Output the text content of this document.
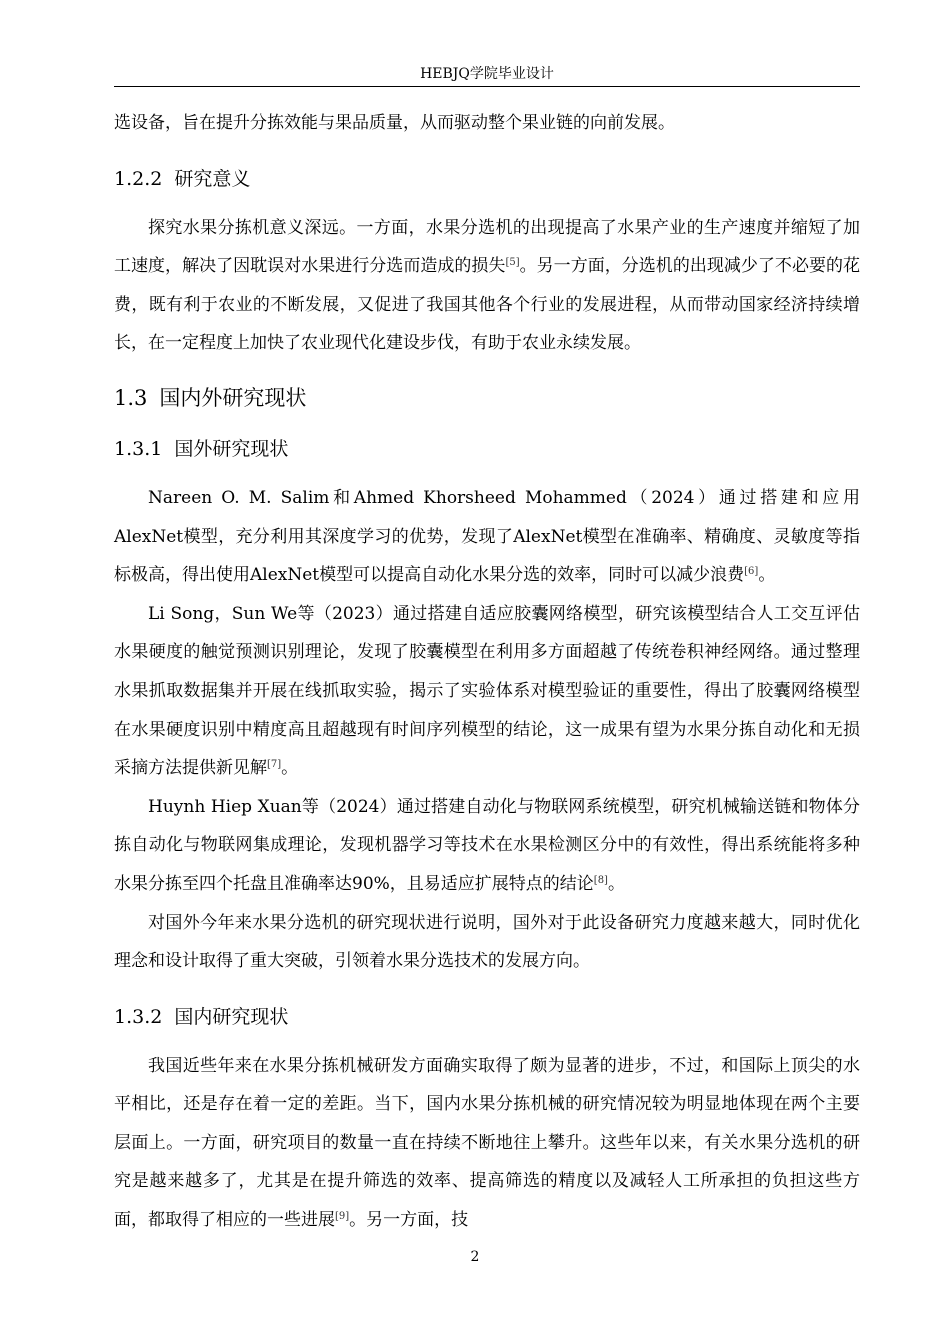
HEBJQ学院毕业设计

选设备，旨在提升分拣效能与果品质量，从而驱动整个果业链的向前发展。

1.2.2 研究意义

探究水果分拣机意义深远。一方面，水果分选机的出现提高了水果产业的生产速度并缩短了加工速度，解决了因耽误对水果进行分选而造成的损失[5]。另一方面，分选机的出现减少了不必要的花费，既有利于农业的不断发展，又促进了我国其他各个行业的发展进程，从而带动国家经济持续增长，在一定程度上加快了农业现代化建设步伐，有助于农业永续发展。

1.3 国内外研究现状
1.3.1 国外研究现状

Nareen O. M. Salim和Ahmed Khorsheed Mohammed（2024）通过搭建和应用AlexNet模型，充分利用其深度学习的优势，发现了AlexNet模型在准确率、精确度、灵敏度等指标极高，得出使用AlexNet模型可以提高自动化水果分选的效率，同时可以减少浪费[6]。

Li Song，Sun We等（2023）通过搭建自适应胶囊网络模型，研究该模型结合人工交互评估水果硬度的触觉预测识别理论，发现了胶囊模型在利用多方面超越了传统卷积神经网络。通过整理水果抓取数据集并开展在线抓取实验，揭示了实验体系对模型验证的重要性，得出了胶囊网络模型在水果硬度识别中精度高且超越现有时间序列模型的结论，这一成果有望为水果分拣自动化和无损采摘方法提供新见解[7]。

Huynh Hiep Xuan等（2024）通过搭建自动化与物联网系统模型，研究机械输送链和物体分拣自动化与物联网集成理论，发现机器学习等技术在水果检测区分中的有效性，得出系统能将多种水果分拣至四个托盘且准确率达90%，且易适应扩展特点的结论[8]。

对国外今年来水果分选机的研究现状进行说明，国外对于此设备研究力度越来越大，同时优化理念和设计取得了重大突破，引领着水果分选技术的发展方向。

1.3.2 国内研究现状

我国近些年来在水果分拣机械研发方面确实取得了颇为显著的进步，不过，和国际上顶尖的水平相比，还是存在着一定的差距。当下，国内水果分拣机械的研究情况较为明显地体现在两个主要层面上。一方面，研究项目的数量一直在持续不断地往上攀升。这些年以来，有关水果分选机的研究是越来越多了，尤其是在提升筛选的效率、提高筛选的精度以及减轻人工所承担的负担这些方面，都取得了相应的一些进展[9]。另一方面，技

2
